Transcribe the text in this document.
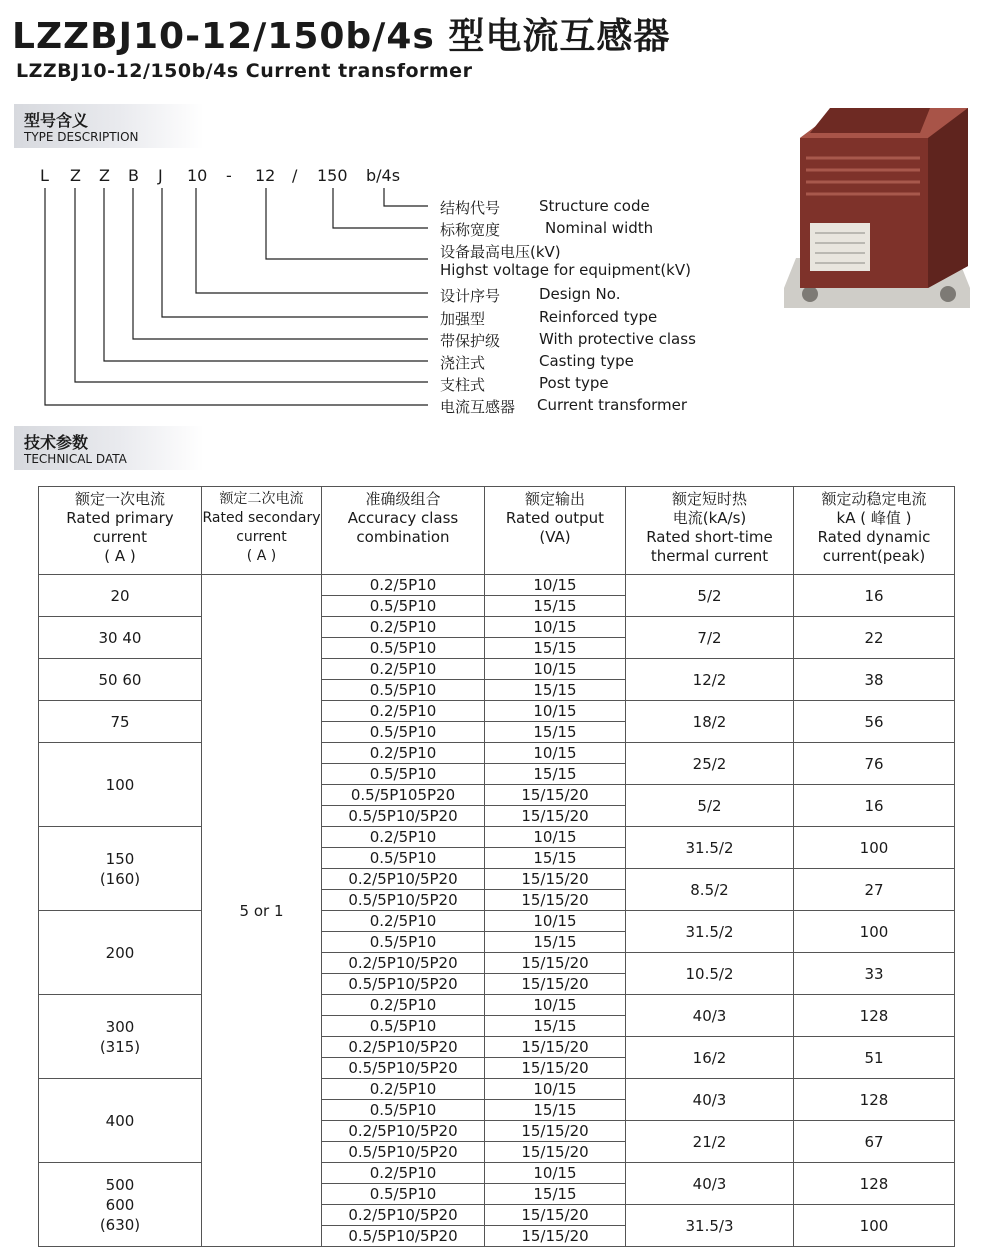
LZZBJ10-12/150b/4s 型电流互感器
LZZBJ10-12/150b/4s Current transformer
型号含义
TYPE DESCRIPTION
L Z Z B J 10 - 12 / 150 b/4s
结构代号	Structure code
标称宽度	Nominal width
设备最高电压(kV)
Highst voltage for equipment(kV)
设计序号	Design No.
加强型	Reinforced type
带保护级	With protective class
浇注式	Casting type
支柱式	Post type
电流互感器 Current transformer
技术参数
TECHNICAL DATA
额定一次电流
Rated primary
current
( A )	额定二次电流
Rated secondary
current
( A )	准确级组合
Accuracy class
combination	额定输出
Rated output
(VA)	额定短时热
电流(kA/s)
Rated short-time
thermal current	额定动稳定电流
kA ( 峰值 )
Rated dynamic
current(peak)
20	5 or 1	0.2/5P10	10/15	5/2	16
		0.5/5P10	15/15		
30 40		0.2/5P10	10/15	7/2	22
		0.5/5P10	15/15		
50 60		0.2/5P10	10/15	12/2	38
		0.5/5P10	15/15		
75		0.2/5P10	10/15	18/2	56
		0.5/5P10	15/15		
100		0.2/5P10	10/15	25/2	76
		0.5/5P10	15/15		
		0.5/5P105P20	15/15/20	5/2	16
		0.5/5P10/5P20	15/15/20		
150
(160)		0.2/5P10	10/15	31.5/2	100
		0.5/5P10	15/15		
		0.2/5P10/5P20	15/15/20	8.5/2	27
		0.5/5P10/5P20	15/15/20		
200		0.2/5P10	10/15	31.5/2	100
		0.5/5P10	15/15		
		0.2/5P10/5P20	15/15/20	10.5/2	33
		0.5/5P10/5P20	15/15/20		
300
(315)		0.2/5P10	10/15	40/3	128
		0.5/5P10	15/15		
		0.2/5P10/5P20	15/15/20	16/2	51
		0.5/5P10/5P20	15/15/20		
400		0.2/5P10	10/15	40/3	128
		0.5/5P10	15/15		
		0.2/5P10/5P20	15/15/20	21/2	67
		0.5/5P10/5P20	15/15/20		
500
600
(630)		0.2/5P10	10/15	40/3	128
		0.5/5P10	15/15		
		0.2/5P10/5P20	15/15/20	31.5/3	100
		0.5/5P10/5P20	15/15/20		
